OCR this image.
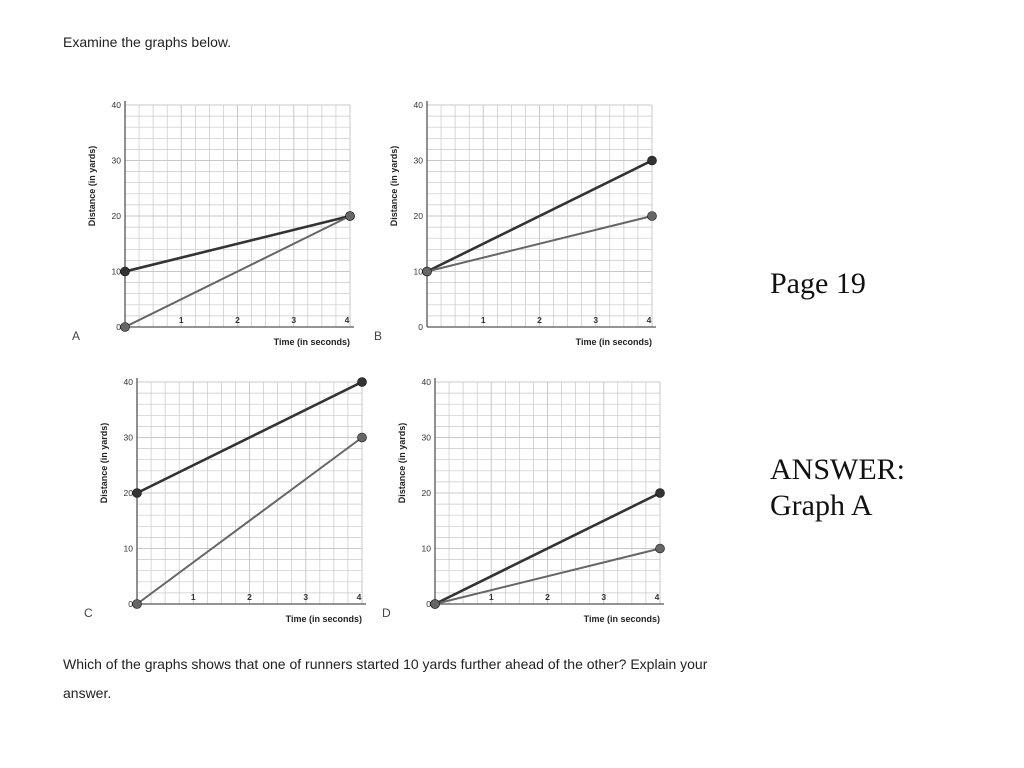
Examine the graphs below.
0
10
20
30
40
1	2	3	4
Time (in seconds)
Distance (in yards)
A
0
10
20
30
40
1	2	3	4
Time (in seconds)
Distance (in yards)
B
0
10
20
30
40
1	2	3	4
Time (in seconds)
Distance (in yards)
C
0
10
20
30
40
1	2	3	4
Time (in seconds)
Distance (in yards)
D
Page 19
ANSWER:
Graph A
Which of the graphs shows that one of runners started 10 yards further ahead of the other? Explain your answer.
